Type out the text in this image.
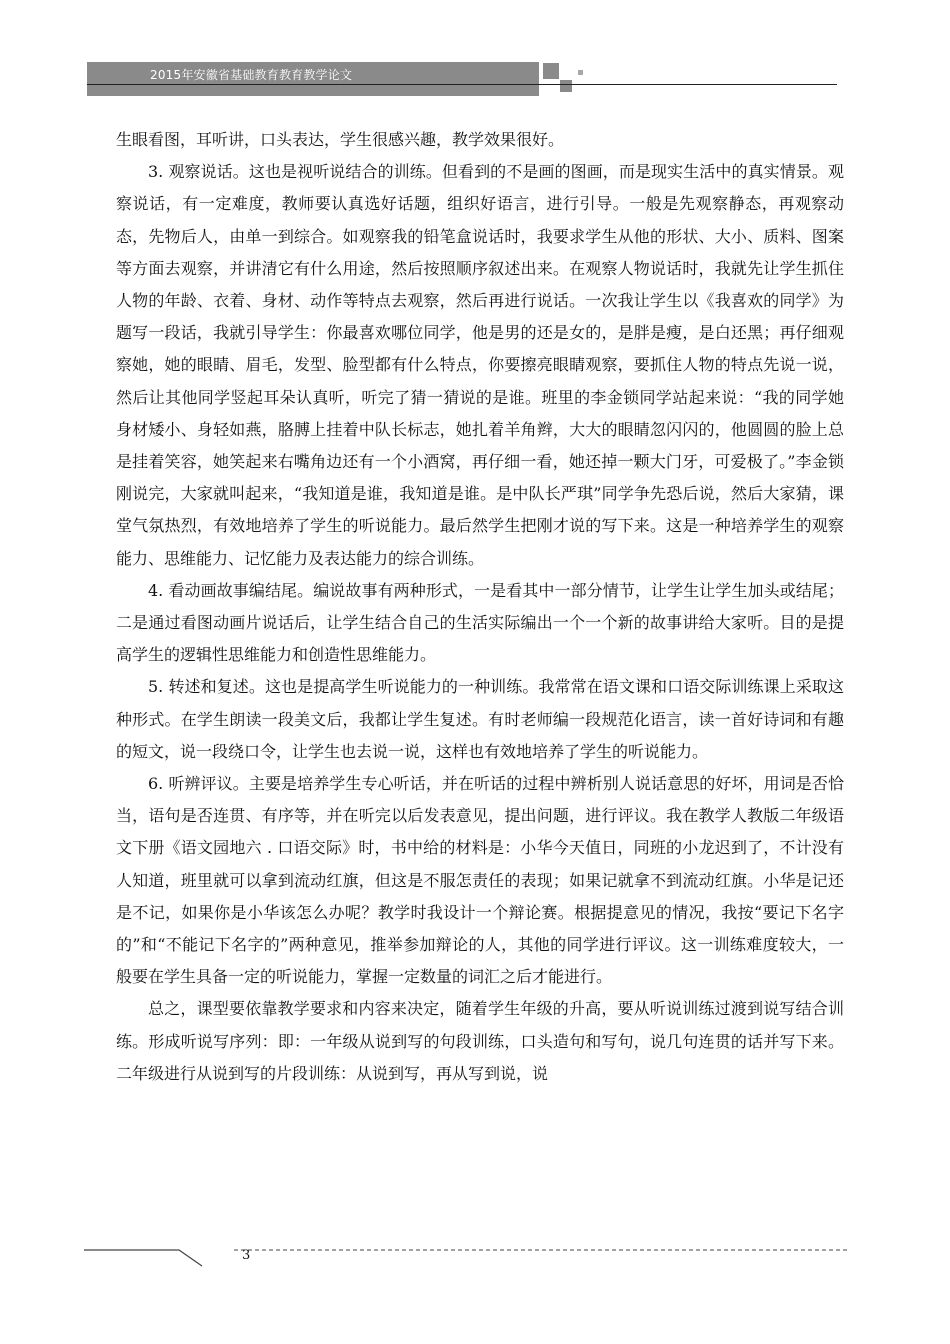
2015年安徽省基础教育教育教学论文

生眼看图，耳听讲，口头表达，学生很感兴趣，教学效果很好。

3. 观察说话。这也是视听说结合的训练。但看到的不是画的图画，而是现实生活中的真实情景。观察说话，有一定难度，教师要认真选好话题，组织好语言，进行引导。一般是先观察静态，再观察动态，先物后人，由单一到综合。如观察我的铅笔盒说话时，我要求学生从他的形状、大小、质料、图案等方面去观察，并讲清它有什么用途，然后按照顺序叙述出来。在观察人物说话时，我就先让学生抓住人物的年龄、衣着、身材、动作等特点去观察，然后再进行说话。一次我让学生以《我喜欢的同学》为题写一段话，我就引导学生：你最喜欢哪位同学，他是男的还是女的，是胖是瘦，是白还黑；再仔细观察她，她的眼睛、眉毛，发型、脸型都有什么特点，你要擦亮眼睛观察，要抓住人物的特点先说一说，然后让其他同学竖起耳朵认真听，听完了猜一猜说的是谁。班里的李金锁同学站起来说：“我的同学她身材矮小、身轻如燕，胳膊上挂着中队长标志，她扎着羊角辫，大大的眼睛忽闪闪的，他圆圆的脸上总是挂着笑容，她笑起来右嘴角边还有一个小酒窝，再仔细一看，她还掉一颗大门牙，可爱极了。”李金锁刚说完，大家就叫起来，“我知道是谁，我知道是谁。是中队长严琪”同学争先恐后说，然后大家猜，课堂气氛热烈，有效地培养了学生的听说能力。最后然学生把刚才说的写下来。这是一种培养学生的观察能力、思维能力、记忆能力及表达能力的综合训练。

4. 看动画故事编结尾。编说故事有两种形式，一是看其中一部分情节，让学生让学生加头或结尾；二是通过看图动画片说话后，让学生结合自己的生活实际编出一个一个新的故事讲给大家听。目的是提高学生的逻辑性思维能力和创造性思维能力。

5. 转述和复述。这也是提高学生听说能力的一种训练。我常常在语文课和口语交际训练课上采取这种形式。在学生朗读一段美文后，我都让学生复述。有时老师编一段规范化语言，读一首好诗词和有趣的短文，说一段绕口令，让学生也去说一说，这样也有效地培养了学生的听说能力。

6. 听辨评议。主要是培养学生专心听话，并在听话的过程中辨析别人说话意思的好坏，用词是否恰当，语句是否连贯、有序等，并在听完以后发表意见，提出问题，进行评议。我在教学人教版二年级语文下册《语文园地六 . 口语交际》时，书中给的材料是：小华今天值日，同班的小龙迟到了，不计没有人知道，班里就可以拿到流动红旗，但这是不服怎责任的表现；如果记就拿不到流动红旗。小华是记还是不记，如果你是小华该怎么办呢？教学时我设计一个辩论赛。根据提意见的情况，我按“要记下名字的”和“不能记下名字的”两种意见，推举参加辩论的人，其他的同学进行评议。这一训练难度较大，一般要在学生具备一定的听说能力，掌握一定数量的词汇之后才能进行。

总之，课型要依靠教学要求和内容来决定，随着学生年级的升高，要从听说训练过渡到说写结合训练。形成听说写序列：即：一年级从说到写的句段训练，口头造句和写句，说几句连贯的话并写下来。二年级进行从说到写的片段训练：从说到写，再从写到说，说

3
